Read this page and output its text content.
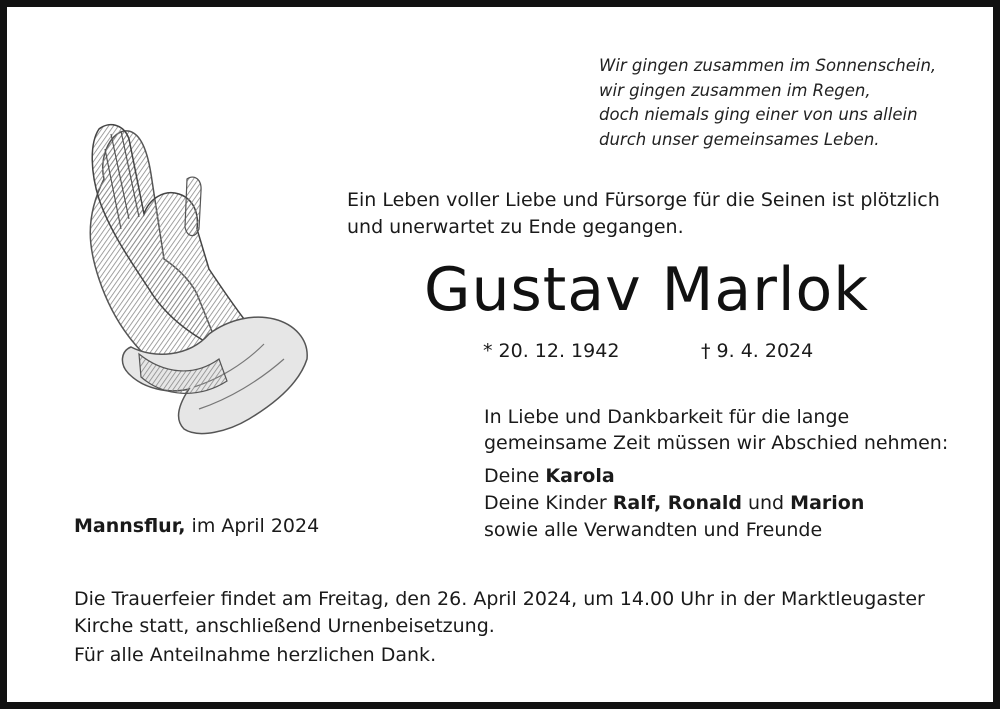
Wir gingen zusammen im Sonnenschein,
wir gingen zusammen im Regen,
doch niemals ging einer von uns allein
durch unser gemeinsames Leben.
Ein Leben voller Liebe und Fürsorge für die Seinen ist plötzlich
und unerwartet zu Ende gegangen.
Gustav Marlok
* 20. 12. 1942	† 9. 4. 2024
In Liebe und Dankbarkeit für die lange
gemeinsame Zeit müssen wir Abschied nehmen:
Deine Karola
Deine Kinder Ralf, Ronald und Marion
sowie alle Verwandten und Freunde
Mannsflur, im April 2024
Die Trauerfeier findet am Freitag, den 26. April 2024, um 14.00 Uhr in der Marktleugaster
Kirche statt, anschließend Urnenbeisetzung.
Für alle Anteilnahme herzlichen Dank.
